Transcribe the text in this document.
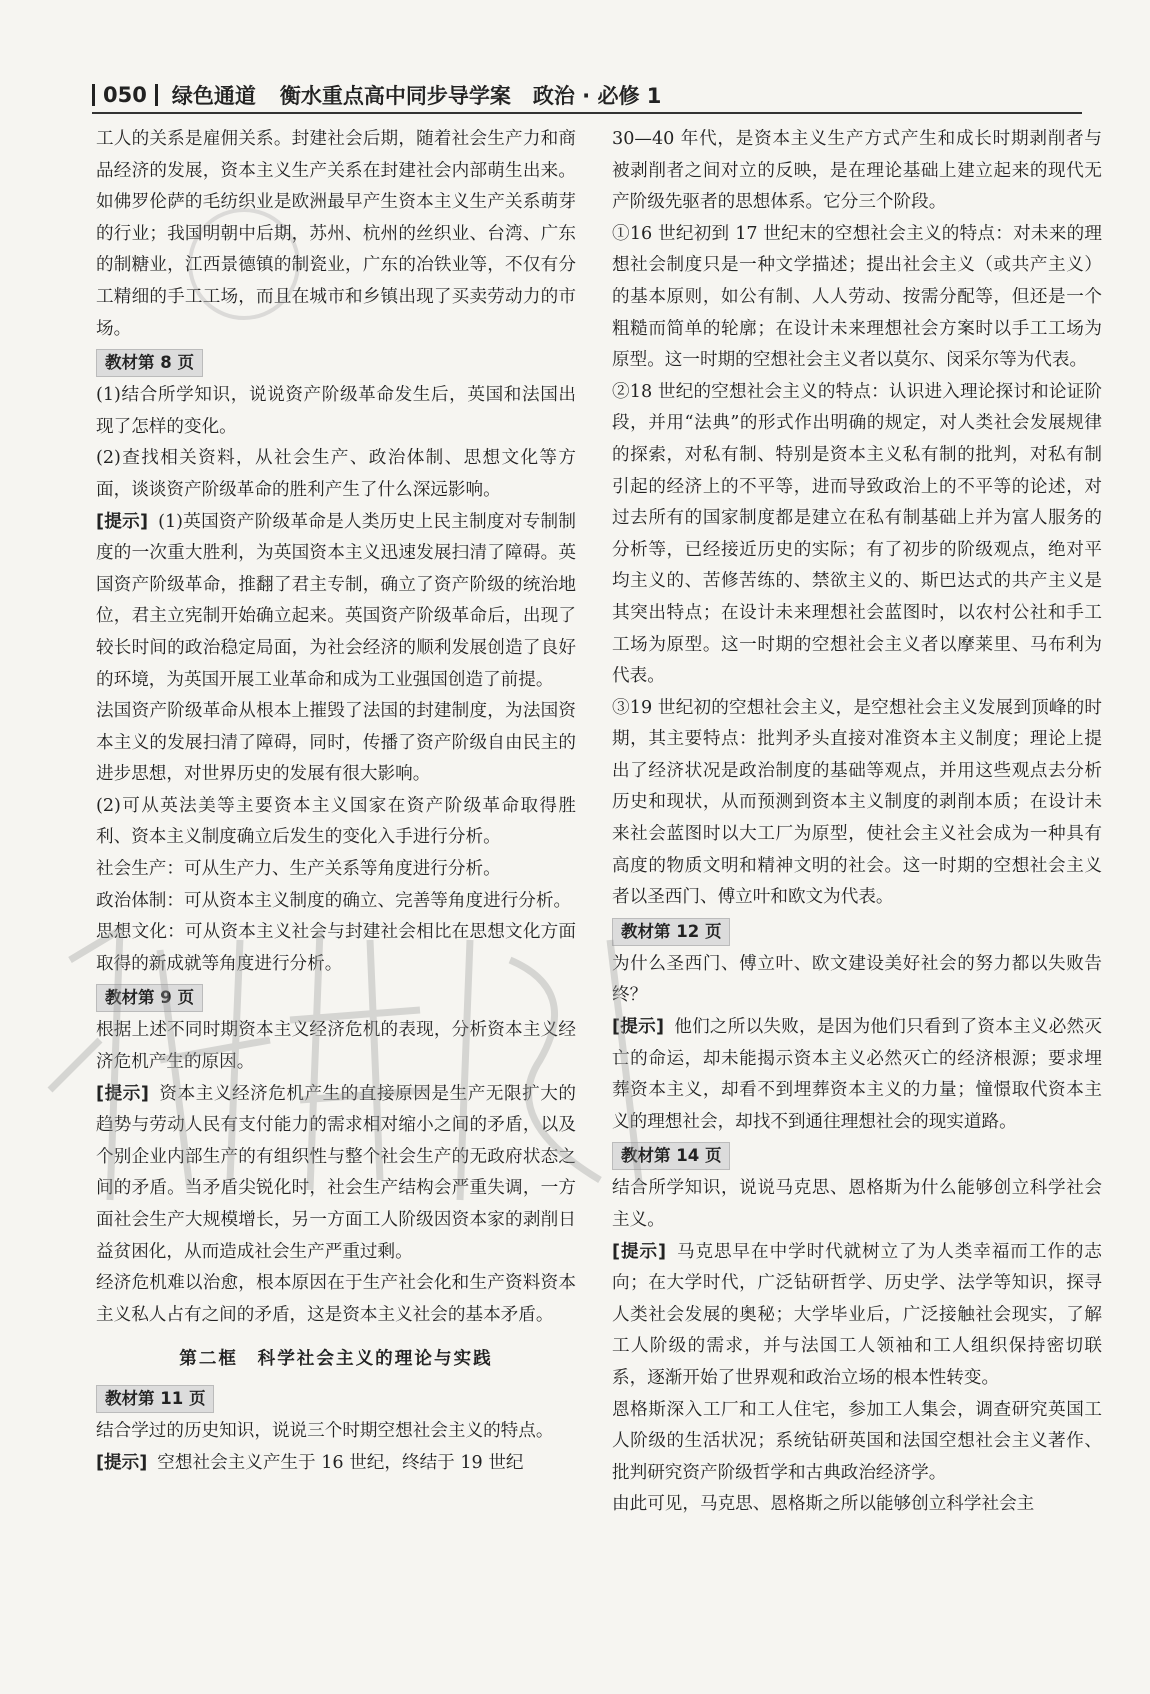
050	绿色通道 衡水重点高中同步导学案 政治 · 必修 1

工人的关系是雇佣关系。封建社会后期，随着社会生产力和商品经济的发展，资本主义生产关系在封建社会内部萌生出来。如佛罗伦萨的毛纺织业是欧洲最早产生资本主义生产关系萌芽的行业；我国明朝中后期，苏州、杭州的丝织业、台湾、广东的制糖业，江西景德镇的制瓷业，广东的冶铁业等，不仅有分工精细的手工工场，而且在城市和乡镇出现了买卖劳动力的市场。

教材第 8 页

(1)结合所学知识，说说资产阶级革命发生后，英国和法国出现了怎样的变化。

(2)查找相关资料，从社会生产、政治体制、思想文化等方面，谈谈资产阶级革命的胜利产生了什么深远影响。

[提示] (1)英国资产阶级革命是人类历史上民主制度对专制制度的一次重大胜利，为英国资本主义迅速发展扫清了障碍。英国资产阶级革命，推翻了君主专制，确立了资产阶级的统治地位，君主立宪制开始确立起来。英国资产阶级革命后，出现了较长时间的政治稳定局面，为社会经济的顺利发展创造了良好的环境，为英国开展工业革命和成为工业强国创造了前提。

法国资产阶级革命从根本上摧毁了法国的封建制度，为法国资本主义的发展扫清了障碍，同时，传播了资产阶级自由民主的进步思想，对世界历史的发展有很大影响。

(2)可从英法美等主要资本主义国家在资产阶级革命取得胜利、资本主义制度确立后发生的变化入手进行分析。

社会生产：可从生产力、生产关系等角度进行分析。

政治体制：可从资本主义制度的确立、完善等角度进行分析。

思想文化：可从资本主义社会与封建社会相比在思想文化方面取得的新成就等角度进行分析。

教材第 9 页

根据上述不同时期资本主义经济危机的表现，分析资本主义经济危机产生的原因。

[提示] 资本主义经济危机产生的直接原因是生产无限扩大的趋势与劳动人民有支付能力的需求相对缩小之间的矛盾，以及个别企业内部生产的有组织性与整个社会生产的无政府状态之间的矛盾。当矛盾尖锐化时，社会生产结构会严重失调，一方面社会生产大规模增长，另一方面工人阶级因资本家的剥削日益贫困化，从而造成社会生产严重过剩。

经济危机难以治愈，根本原因在于生产社会化和生产资料资本主义私人占有之间的矛盾，这是资本主义社会的基本矛盾。

第二框　科学社会主义的理论与实践
教材第 11 页

结合学过的历史知识，说说三个时期空想社会主义的特点。

[提示] 空想社会主义产生于 16 世纪，终结于 19 世纪

30—40 年代，是资本主义生产方式产生和成长时期剥削者与被剥削者之间对立的反映，是在理论基础上建立起来的现代无产阶级先驱者的思想体系。它分三个阶段。

①16 世纪初到 17 世纪末的空想社会主义的特点：对未来的理想社会制度只是一种文学描述；提出社会主义（或共产主义）的基本原则，如公有制、人人劳动、按需分配等，但还是一个粗糙而简单的轮廓；在设计未来理想社会方案时以手工工场为原型。这一时期的空想社会主义者以莫尔、闵采尔等为代表。

②18 世纪的空想社会主义的特点：认识进入理论探讨和论证阶段，并用“法典”的形式作出明确的规定，对人类社会发展规律的探索，对私有制、特别是资本主义私有制的批判，对私有制引起的经济上的不平等，进而导致政治上的不平等的论述，对过去所有的国家制度都是建立在私有制基础上并为富人服务的分析等，已经接近历史的实际；有了初步的阶级观点，绝对平均主义的、苦修苦练的、禁欲主义的、斯巴达式的共产主义是其突出特点；在设计未来理想社会蓝图时，以农村公社和手工工场为原型。这一时期的空想社会主义者以摩莱里、马布利为代表。

③19 世纪初的空想社会主义，是空想社会主义发展到顶峰的时期，其主要特点：批判矛头直接对准资本主义制度；理论上提出了经济状况是政治制度的基础等观点，并用这些观点去分析历史和现状，从而预测到资本主义制度的剥削本质；在设计未来社会蓝图时以大工厂为原型，使社会主义社会成为一种具有高度的物质文明和精神文明的社会。这一时期的空想社会主义者以圣西门、傅立叶和欧文为代表。

教材第 12 页

为什么圣西门、傅立叶、欧文建设美好社会的努力都以失败告终？

[提示] 他们之所以失败，是因为他们只看到了资本主义必然灭亡的命运，却未能揭示资本主义必然灭亡的经济根源；要求埋葬资本主义，却看不到埋葬资本主义的力量；憧憬取代资本主义的理想社会，却找不到通往理想社会的现实道路。

教材第 14 页

结合所学知识，说说马克思、恩格斯为什么能够创立科学社会主义。

[提示] 马克思早在中学时代就树立了为人类幸福而工作的志向；在大学时代，广泛钻研哲学、历史学、法学等知识，探寻人类社会发展的奥秘；大学毕业后，广泛接触社会现实，了解工人阶级的需求，并与法国工人领袖和工人组织保持密切联系，逐渐开始了世界观和政治立场的根本性转变。

恩格斯深入工厂和工人住宅，参加工人集会，调查研究英国工人阶级的生活状况；系统钻研英国和法国空想社会主义著作、批判研究资产阶级哲学和古典政治经济学。

由此可见，马克思、恩格斯之所以能够创立科学社会主
